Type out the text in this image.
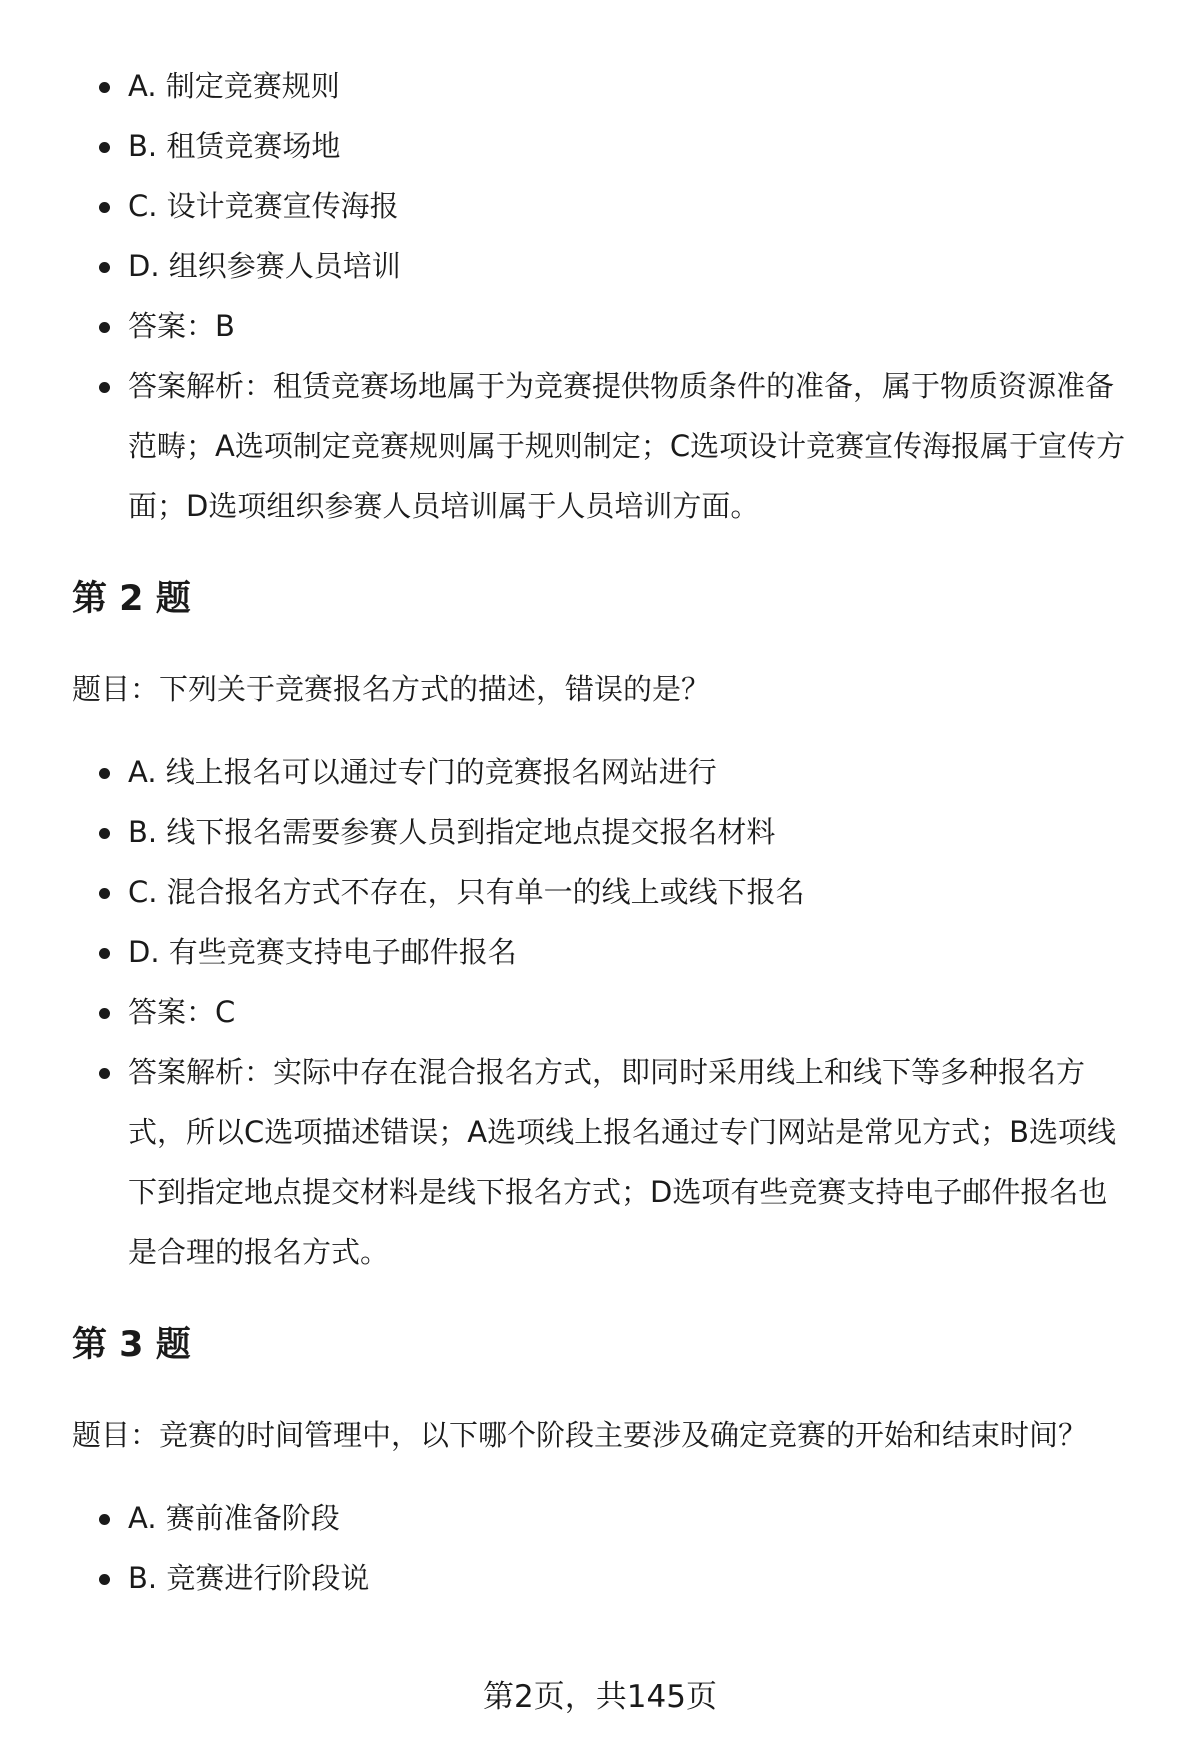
A. 制定竞赛规则
B. 租赁竞赛场地
C. 设计竞赛宣传海报
D. 组织参赛人员培训
答案：B
答案解析：租赁竞赛场地属于为竞赛提供物质条件的准备，属于物质资源准备范畴；A选项制定竞赛规则属于规则制定；C选项设计竞赛宣传海报属于宣传方面；D选项组织参赛人员培训属于人员培训方面。
第 2 题

题目：下列关于竞赛报名方式的描述，错误的是？

A. 线上报名可以通过专门的竞赛报名网站进行
B. 线下报名需要参赛人员到指定地点提交报名材料
C. 混合报名方式不存在，只有单一的线上或线下报名
D. 有些竞赛支持电子邮件报名
答案：C
答案解析：实际中存在混合报名方式，即同时采用线上和线下等多种报名方式，所以C选项描述错误；A选项线上报名通过专门网站是常见方式；B选项线下到指定地点提交材料是线下报名方式；D选项有些竞赛支持电子邮件报名也是合理的报名方式。
第 3 题

题目：竞赛的时间管理中，以下哪个阶段主要涉及确定竞赛的开始和结束时间？

A. 赛前准备阶段
B. 竞赛进行阶段说
第2页，共145页
